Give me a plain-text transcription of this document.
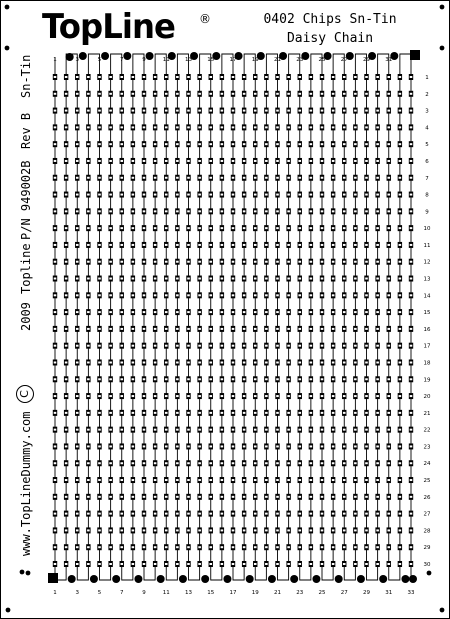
TopLine ®	0402 Chips Sn-Tin
Daisy Chain
www.TopLineDummy.com
2009
Topline
P/N 949002B
Rev B
Sn-Tin
C
1
2
3
4
5
6
7
8
9
10
11
12
13
14
15
16
17
18
19
20
21
22
23
24
25
26
27
28
29
30
1	3	5	7	9	11	13	15	17	19	21	23	25	27	29	31
1	3	5	7	9	11	13	15	17	19	21	23	25	27	29	31	33
